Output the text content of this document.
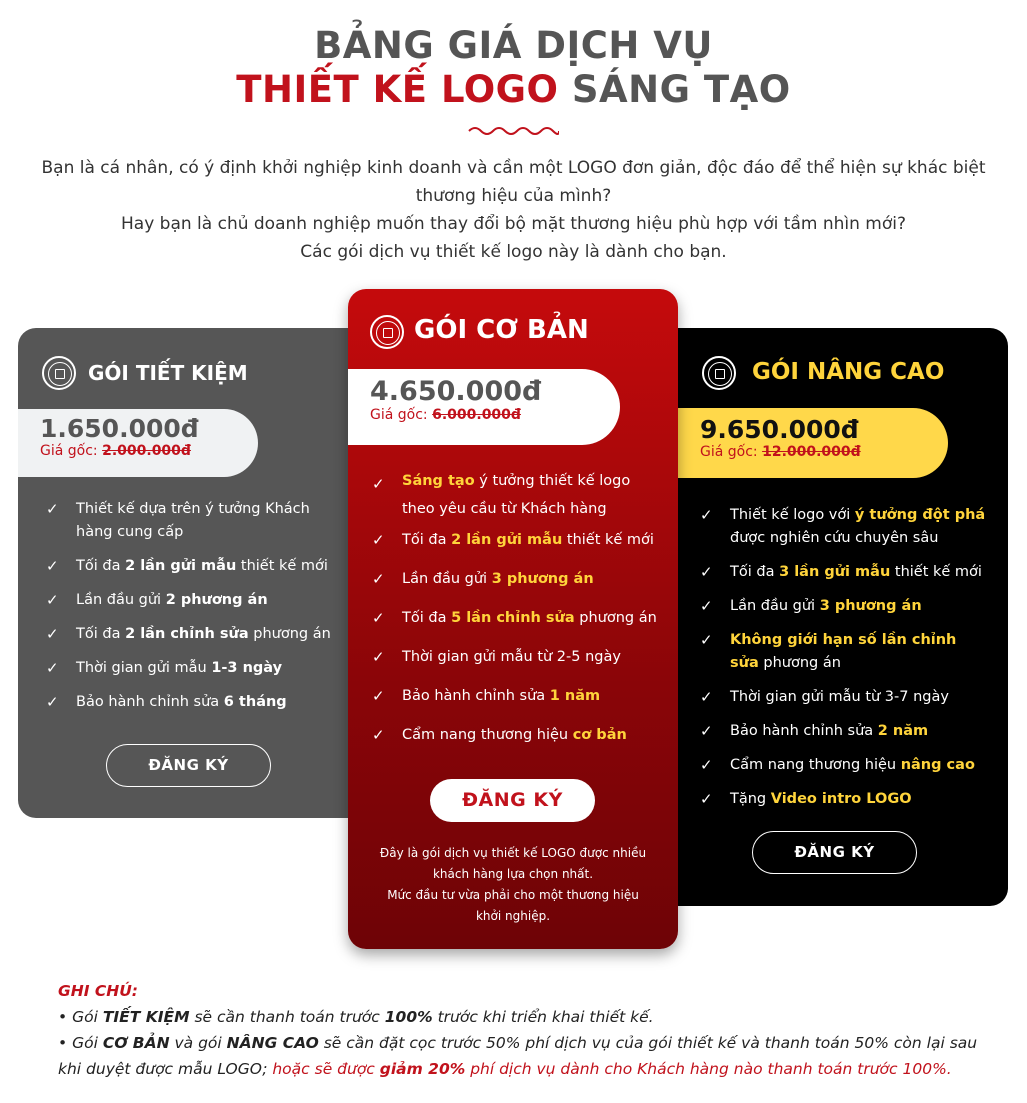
BẢNG GIÁ DỊCH VỤ
THIẾT KẾ LOGO SÁNG TẠO
Bạn là cá nhân, có ý định khởi nghiệp kinh doanh và cần một LOGO đơn giản, độc đáo để thể hiện sự khác biệt
thương hiệu của mình?
Hay bạn là chủ doanh nghiệp muốn thay đổi bộ mặt thương hiệu phù hợp với tầm nhìn mới?
Các gói dịch vụ thiết kế logo này là dành cho bạn.
GÓI TIẾT KIỆM
1.650.000đ
Giá gốc: 2.000.000đ
✓ Thiết kế dựa trên ý tưởng Khách hàng cung cấp
✓ Tối đa 2 lần gửi mẫu thiết kế mới
✓ Lần đầu gửi 2 phương án
✓ Tối đa 2 lần chỉnh sửa phương án
✓ Thời gian gửi mẫu 1-3 ngày
✓ Bảo hành chỉnh sửa 6 tháng
ĐĂNG KÝ
GÓI CƠ BẢN
4.650.000đ
Giá gốc: 6.000.000đ
✓ Sáng tạo ý tưởng thiết kế logo theo yêu cầu từ Khách hàng
✓ Tối đa 2 lần gửi mẫu thiết kế mới
✓ Lần đầu gửi 3 phương án
✓ Tối đa 5 lần chỉnh sửa phương án
✓ Thời gian gửi mẫu từ 2-5 ngày
✓ Bảo hành chỉnh sửa 1 năm
✓ Cẩm nang thương hiệu cơ bản
ĐĂNG KÝ
Đây là gói dịch vụ thiết kế LOGO được nhiều
khách hàng lựa chọn nhất.
Mức đầu tư vừa phải cho một thương hiệu
khởi nghiệp.
GÓI NÂNG CAO
9.650.000đ
Giá gốc: 12.000.000đ
✓ Thiết kế logo với ý tưởng đột phá được nghiên cứu chuyên sâu
✓ Tối đa 3 lần gửi mẫu thiết kế mới
✓ Lần đầu gửi 3 phương án
✓ Không giới hạn số lần chỉnh sửa phương án
✓ Thời gian gửi mẫu từ 3-7 ngày
✓ Bảo hành chỉnh sửa 2 năm
✓ Cẩm nang thương hiệu nâng cao
✓ Tặng Video intro LOGO
ĐĂNG KÝ
GHI CHÚ:
• Gói TIẾT KIỆM sẽ cần thanh toán trước 100% trước khi triển khai thiết kế.
• Gói CƠ BẢN và gói NÂNG CAO sẽ cần đặt cọc trước 50% phí dịch vụ của gói thiết kế và thanh toán 50% còn lại sau khi duyệt được mẫu LOGO; hoặc sẽ được giảm 20% phí dịch vụ dành cho Khách hàng nào thanh toán trước 100%.
